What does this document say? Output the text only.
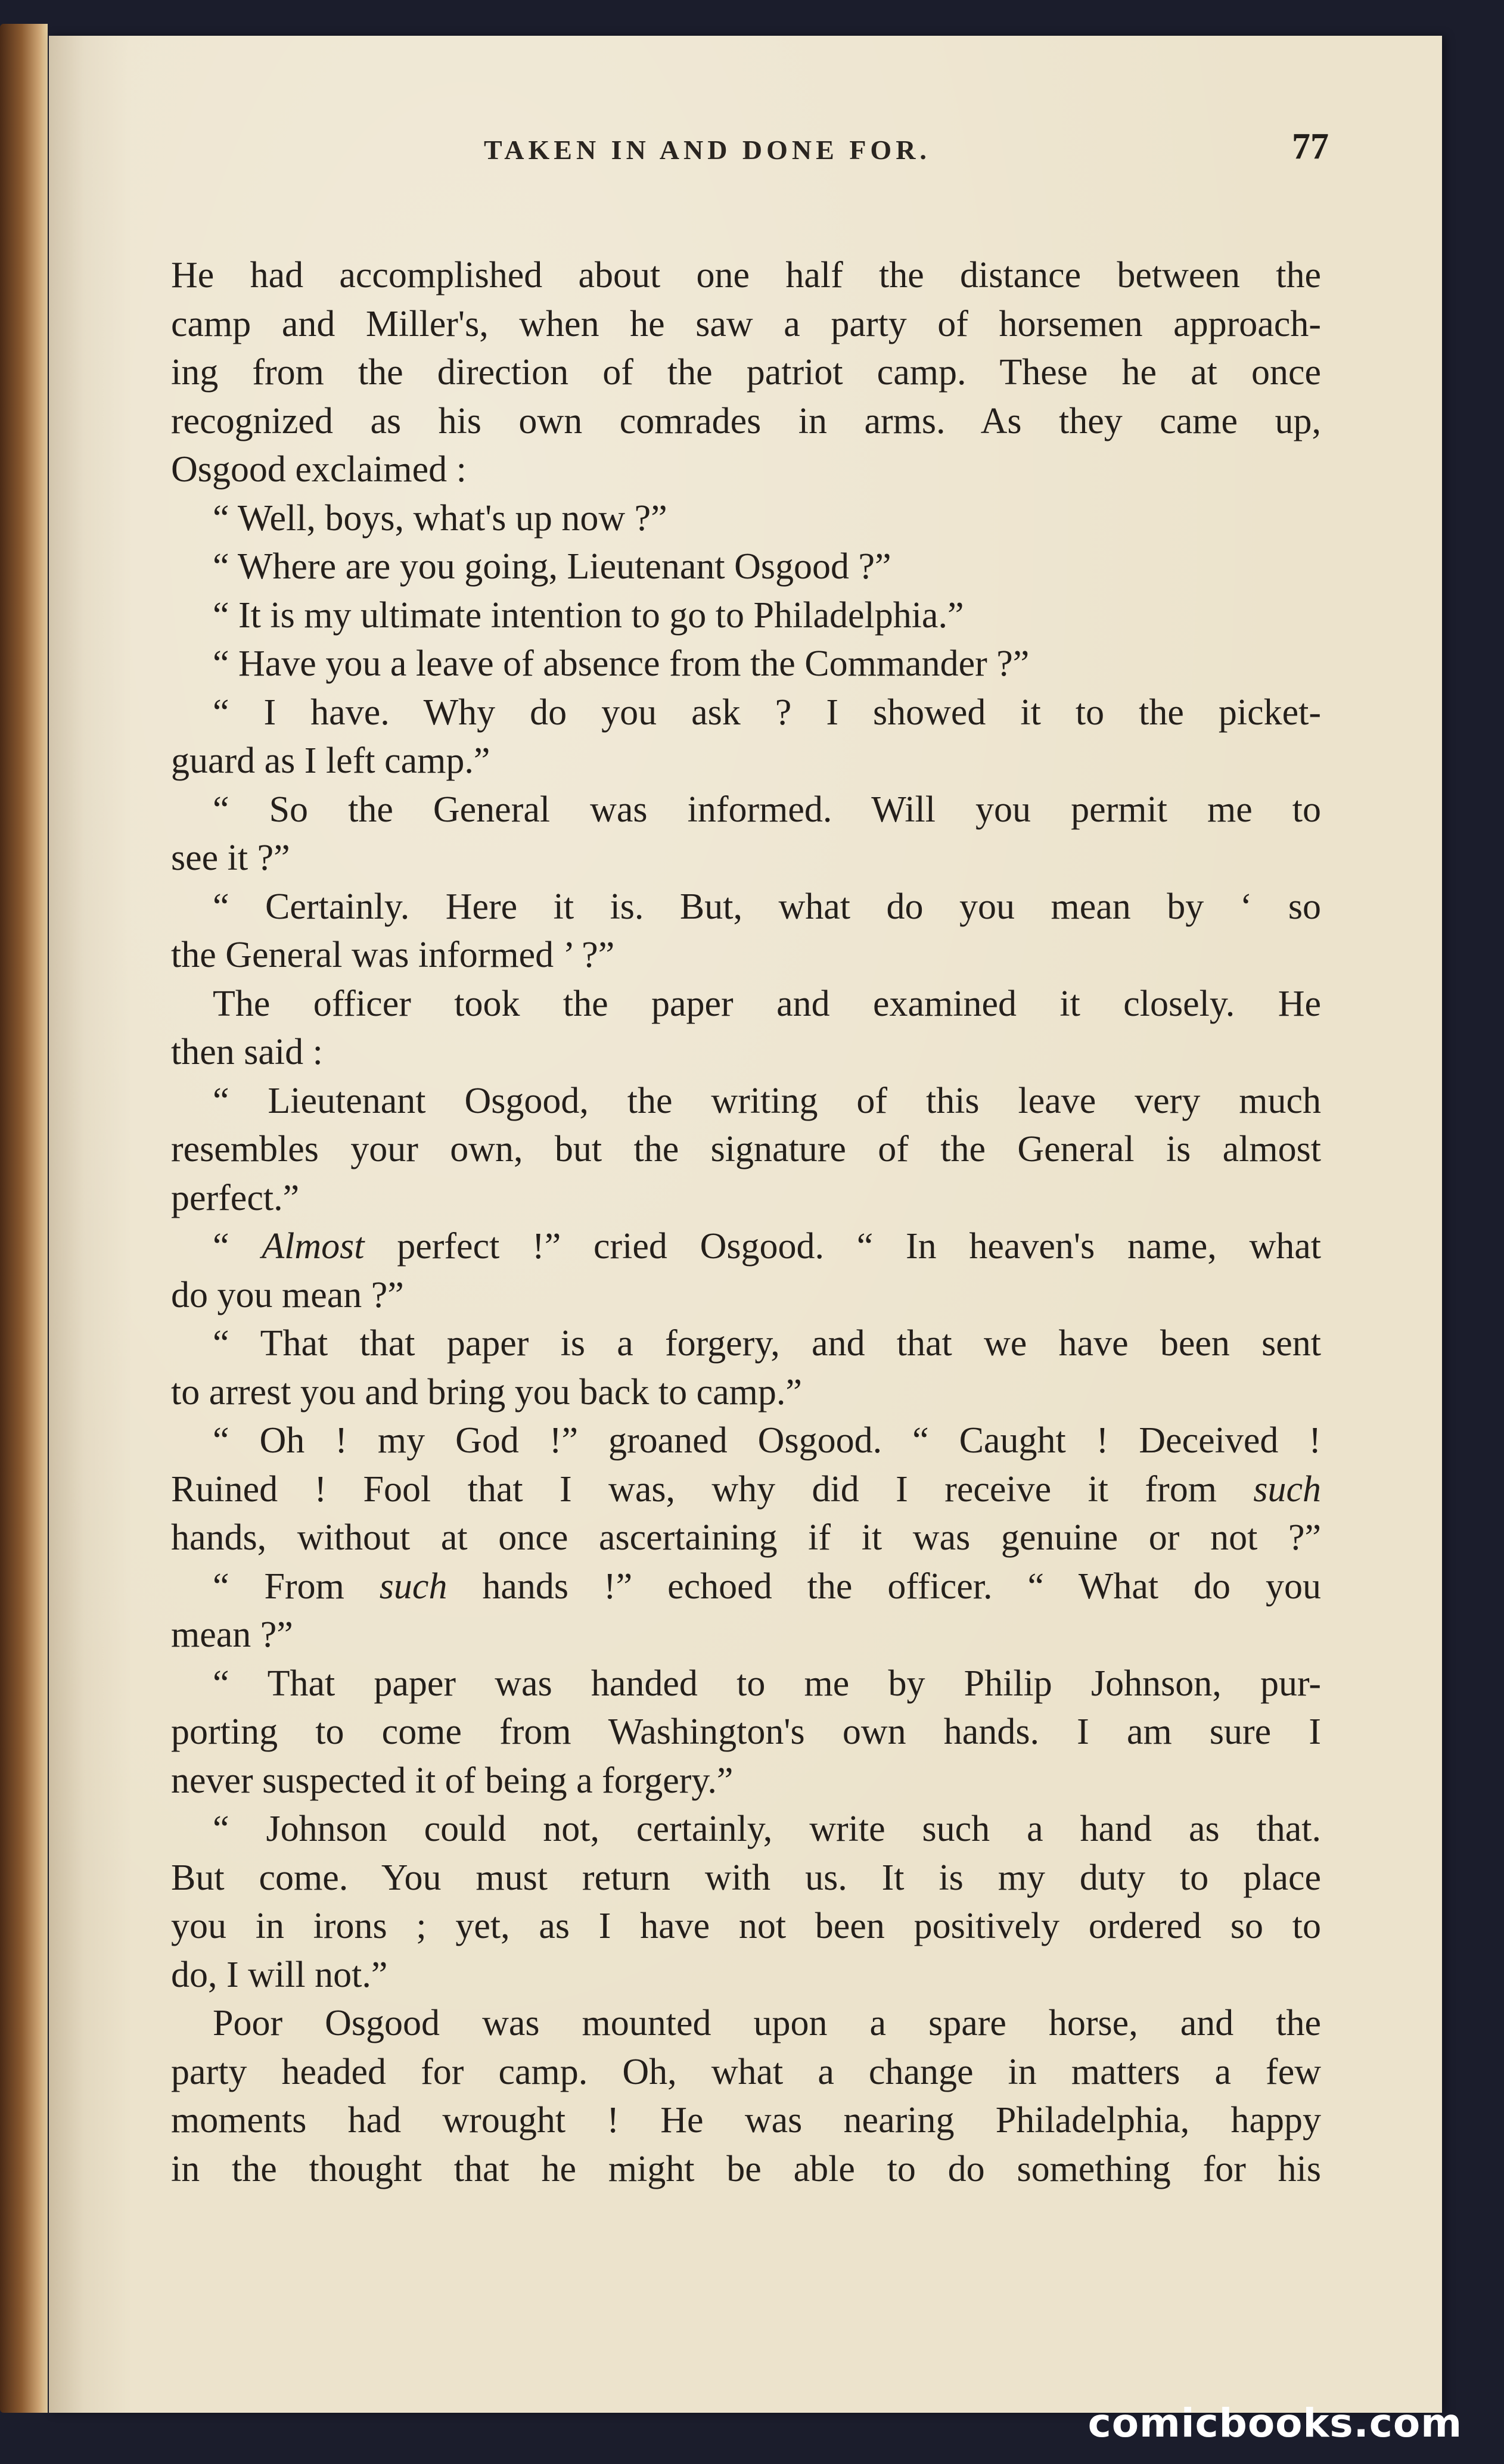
TAKEN IN AND DONE FOR.	77
He had accomplished about one half the distance between the
camp and Miller's, when he saw a party of horsemen approach-
ing from the direction of the patriot camp. These he at once
recognized as his own comrades in arms. As they came up,
Osgood exclaimed :
“ Well, boys, what's up now ?”
“ Where are you going, Lieutenant Osgood ?”
“ It is my ultimate intention to go to Philadelphia.”
“ Have you a leave of absence from the Commander ?”
“ I have. Why do you ask ? I showed it to the picket-
guard as I left camp.”
“ So the General was informed. Will you permit me to
see it ?”
“ Certainly. Here it is. But, what do you mean by ‘ so
the General was informed ’ ?”
The officer took the paper and examined it closely. He
then said :
“ Lieutenant Osgood, the writing of this leave very much
resembles your own, but the signature of the General is almost
perfect.”
“ Almost perfect !” cried Osgood. “ In heaven's name, what
do you mean ?”
“ That that paper is a forgery, and that we have been sent
to arrest you and bring you back to camp.”
“ Oh ! my God !” groaned Osgood. “ Caught ! Deceived !
Ruined ! Fool that I was, why did I receive it from such
hands, without at once ascertaining if it was genuine or not ?”
“ From such hands !” echoed the officer. “ What do you
mean ?”
“ That paper was handed to me by Philip Johnson, pur-
porting to come from Washington's own hands. I am sure I
never suspected it of being a forgery.”
“ Johnson could not, certainly, write such a hand as that.
But come. You must return with us. It is my duty to place
you in irons ; yet, as I have not been positively ordered so to
do, I will not.”
Poor Osgood was mounted upon a spare horse, and the
party headed for camp. Oh, what a change in matters a few
moments had wrought ! He was nearing Philadelphia, happy
in the thought that he might be able to do something for his
comicbooks.com
